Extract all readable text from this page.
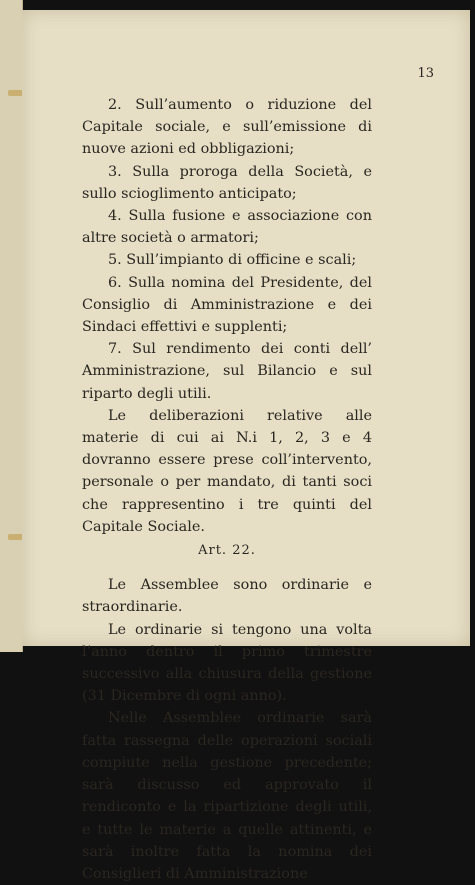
13

2. Sull’aumento o riduzione del Capitale sociale, e sull’emissione di nuove azioni ed obbligazioni;

3. Sulla proroga della Società, e sullo scioglimento anticipato;

4. Sulla fusione e associazione con altre società o armatori;

5. Sull’impianto di officine e scali;

6. Sulla nomina del Presidente, del Consiglio di Amministrazione e dei Sindaci effettivi e supplenti;

7. Sul rendimento dei conti dell’ Amministrazione, sul Bilancio e sul riparto degli utili.

Le deliberazioni relative alle materie di cui ai N.i 1, 2, 3 e 4 dovranno essere prese coll’intervento, personale o per mandato, di tanti soci che rappresentino i tre quinti del Capitale Sociale.

Art. 22.

Le Assemblee sono ordinarie e straordinarie.

Le ordinarie si tengono una volta l’anno dentro il primo trimestre successivo alla chiusura della gestione (31 Dicembre di ogni anno).

Nelle Assemblee ordinarie sarà fatta rassegna delle operazioni sociali compiute nella gestione precedente; sarà discusso ed approvato il rendiconto e la ripartizione degli utili, e tutte le materie a quelle attinenti, e sarà inoltre fatta la nomina dei Consiglieri di Amministrazione
